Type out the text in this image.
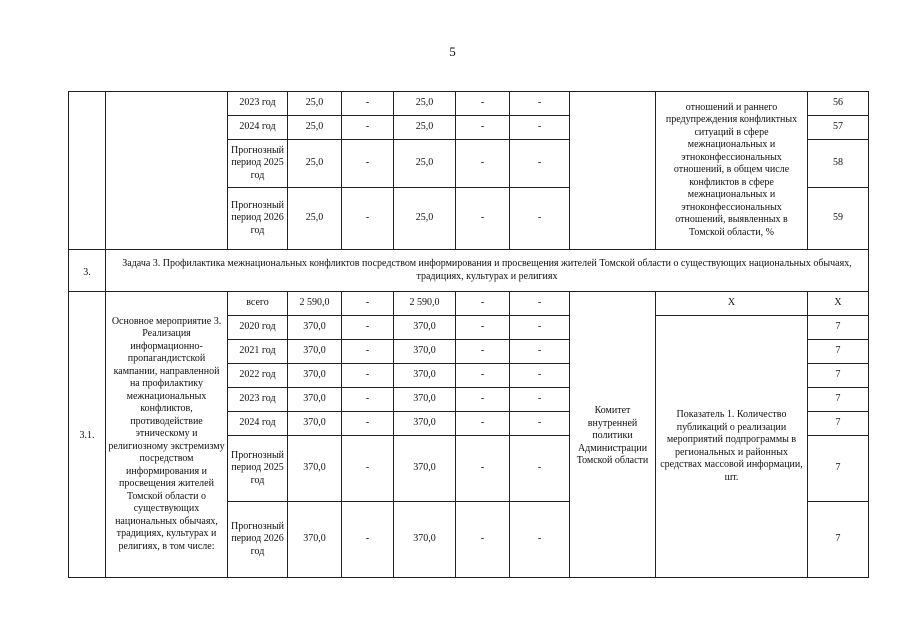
5
		2023 год	25,0	-	25,0	-	-		отношений и раннего предупреждения конфликтных ситуаций в сфере межнациональных и этноконфессиональных отношений, в общем числе конфликтов в сфере межнациональных и этноконфессиональных отношений, выявленных в Томской области, %	56
		2024 год	25,0	-	25,0	-	-			57
		Прогнозный период 2025 год	25,0	-	25,0	-	-			58
		Прогнозный период 2026 год	25,0	-	25,0	-	-			59
3.	Задача 3. Профилактика межнациональных конфликтов посредством информирования и просвещения жителей Томской области о существующих национальных обычаях, традициях, культурах и религиях									
3.1.	Основное мероприятие 3. Реализация информационно-пропагандистской кампании, направленной на профилактику межнациональных конфликтов, противодействие этническому и религиозному экстремизму посредством информирования и просвещения жителей Томской области о существующих национальных обычаях, традициях, культурах и религиях, в том числе:	всего	2 590,0	-	2 590,0	-	-	Комитет внутренней политики Администрации Томской области	Х	Х
		2020 год	370,0	-	370,0	-	-		Показатель 1. Количество публикаций о реализации мероприятий подпрограммы в региональных и районных средствах массовой информации, шт.	7
		2021 год	370,0	-	370,0	-	-			7
		2022 год	370,0	-	370,0	-	-			7
		2023 год	370,0	-	370,0	-	-			7
		2024 год	370,0	-	370,0	-	-			7
		Прогнозный период 2025 год	370,0	-	370,0	-	-			7
		Прогнозный период 2026 год	370,0	-	370,0	-	-			7
